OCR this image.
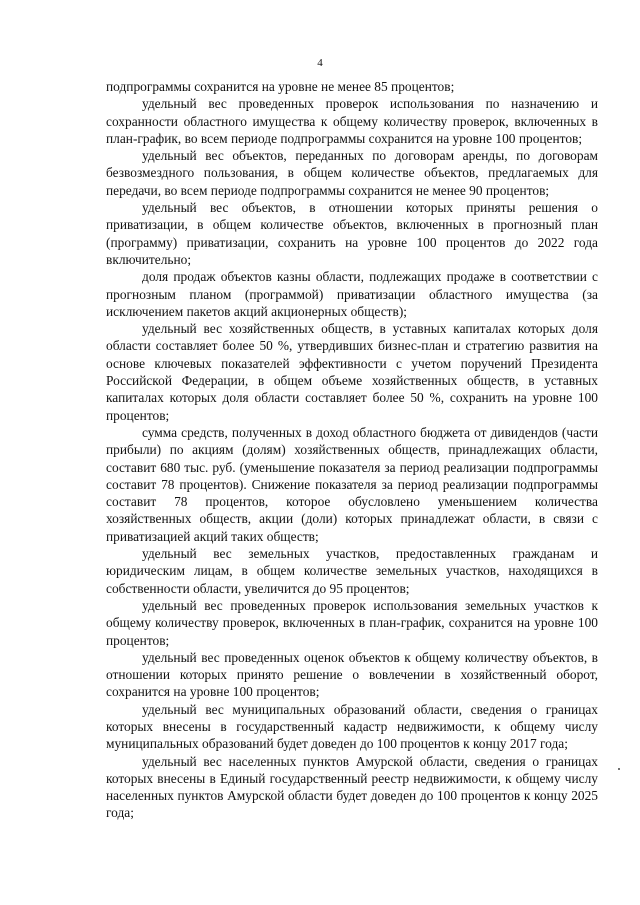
4

подпрограммы сохранится на уровне не менее 85 процентов;

удельный вес проведенных проверок использования по назначению и сохранности областного имущества к общему количеству проверок, включенных в план-график, во всем периоде подпрограммы сохранится на уровне 100 процентов;

удельный вес объектов, переданных по договорам аренды, по договорам безвозмездного пользования, в общем количестве объектов, предлагаемых для передачи, во всем периоде подпрограммы сохранится не менее 90 процентов;

удельный вес объектов, в отношении которых приняты решения о приватизации, в общем количестве объектов, включенных в прогнозный план (программу) приватизации, сохранить на уровне 100 процентов до 2022 года включительно;

доля продаж объектов казны области, подлежащих продаже в соответствии с прогнозным планом (программой) приватизации областного имущества (за исключением пакетов акций акционерных обществ);

удельный вес хозяйственных обществ, в уставных капиталах которых доля области составляет более 50 %, утвердивших бизнес-план и стратегию развития на основе ключевых показателей эффективности с учетом поручений Президента Российской Федерации, в общем объеме хозяйственных обществ, в уставных капиталах которых доля области составляет более 50 %, сохранить на уровне 100 процентов;

сумма средств, полученных в доход областного бюджета от дивидендов (части прибыли) по акциям (долям) хозяйственных обществ, принадлежащих области, составит 680 тыс. руб. (уменьшение показателя за период реализации подпрограммы составит 78 процентов). Снижение показателя за период реализации подпрограммы составит 78 процентов, которое обусловлено уменьшением количества хозяйственных обществ, акции (доли) которых принадлежат области, в связи с приватизацией акций таких обществ;

удельный вес земельных участков, предоставленных гражданам и юридическим лицам, в общем количестве земельных участков, находящихся в собственности области, увеличится до 95 процентов;

удельный вес проведенных проверок использования земельных участков к общему количеству проверок, включенных в план-график, сохранится на уровне 100 процентов;

удельный вес проведенных оценок объектов к общему количеству объектов, в отношении которых принято решение о вовлечении в хозяйственный оборот, сохранится на уровне 100 процентов;

удельный вес муниципальных образований области, сведения о границах которых внесены в государственный кадастр недвижимости, к общему числу муниципальных образований будет доведен до 100 процентов к концу 2017 года;

удельный вес населенных пунктов Амурской области, сведения о границах которых внесены в Единый государственный реестр недвижимости, к общему числу населенных пунктов Амурской области будет доведен до 100 процентов к концу 2025 года;
